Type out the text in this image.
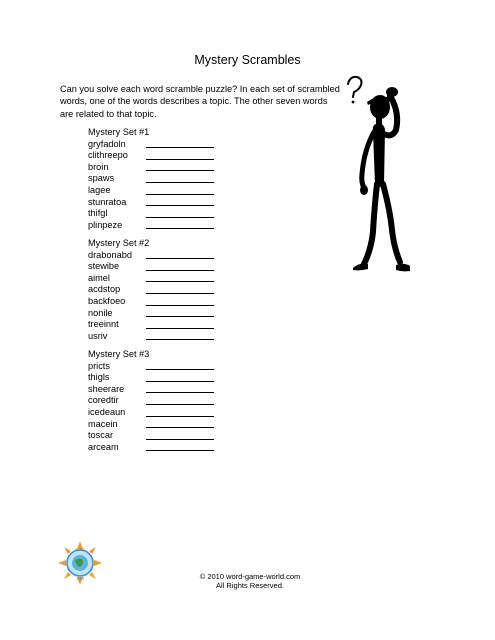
Mystery Scrambles
Can you solve each word scramble puzzle? In each set of scrambled words, one of the words describes a topic. The other seven words are related to that topic.
Mystery Set #1
gryfadoln
clithreepo
broin
spaws
lagee
stunratoa
thifgl
plinpeze
Mystery Set #2
drabonabd
stewibe
aimel
acdstop
backfoeo
nonile
treeinnt
usriv
Mystery Set #3
pricts
thigls
sheerare
coredtir
icedeaun
macein
toscar
arceam
WORD
.COM	© 2010 word-game-world.com
All Rights Reserved.
